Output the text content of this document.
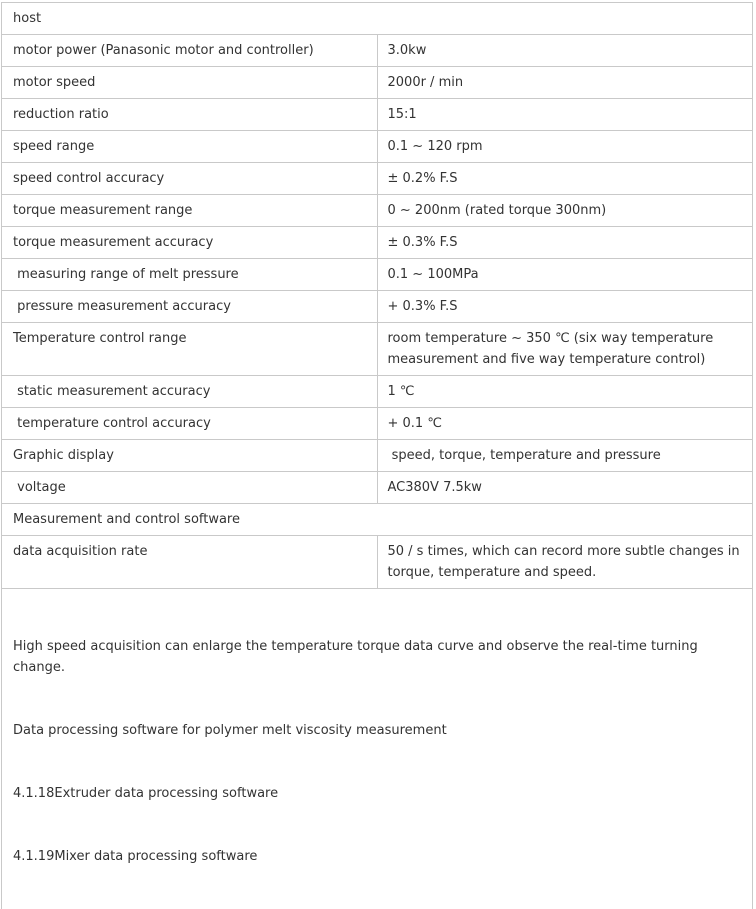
host	
motor power (Panasonic motor and controller)	3.0kw
motor speed	2000r / min
reduction ratio	15:1
speed range	0.1 ~ 120 rpm
speed control accuracy	± 0.2% F.S
torque measurement range	0 ~ 200nm (rated torque 300nm)
torque measurement accuracy	± 0.3% F.S
measuring range of melt pressure	0.1 ~ 100MPa
pressure measurement accuracy	+ 0.3% F.S
Temperature control range	room temperature ~ 350 ℃ (six way temperature measurement and five way temperature control)
static measurement accuracy	1 ℃
temperature control accuracy	+ 0.1 ℃
Graphic display	speed, torque, temperature and pressure
voltage	AC380V 7.5kw
Measurement and control software	
data acquisition rate	50 / s times, which can record more subtle changes in torque, temperature and speed.

High speed acquisition can enlarge the temperature torque data curve and observe the real-time turning change.

Data processing software for polymer melt viscosity measurement

4.1.18Extruder data processing software

4.1.19Mixer data processing software	
